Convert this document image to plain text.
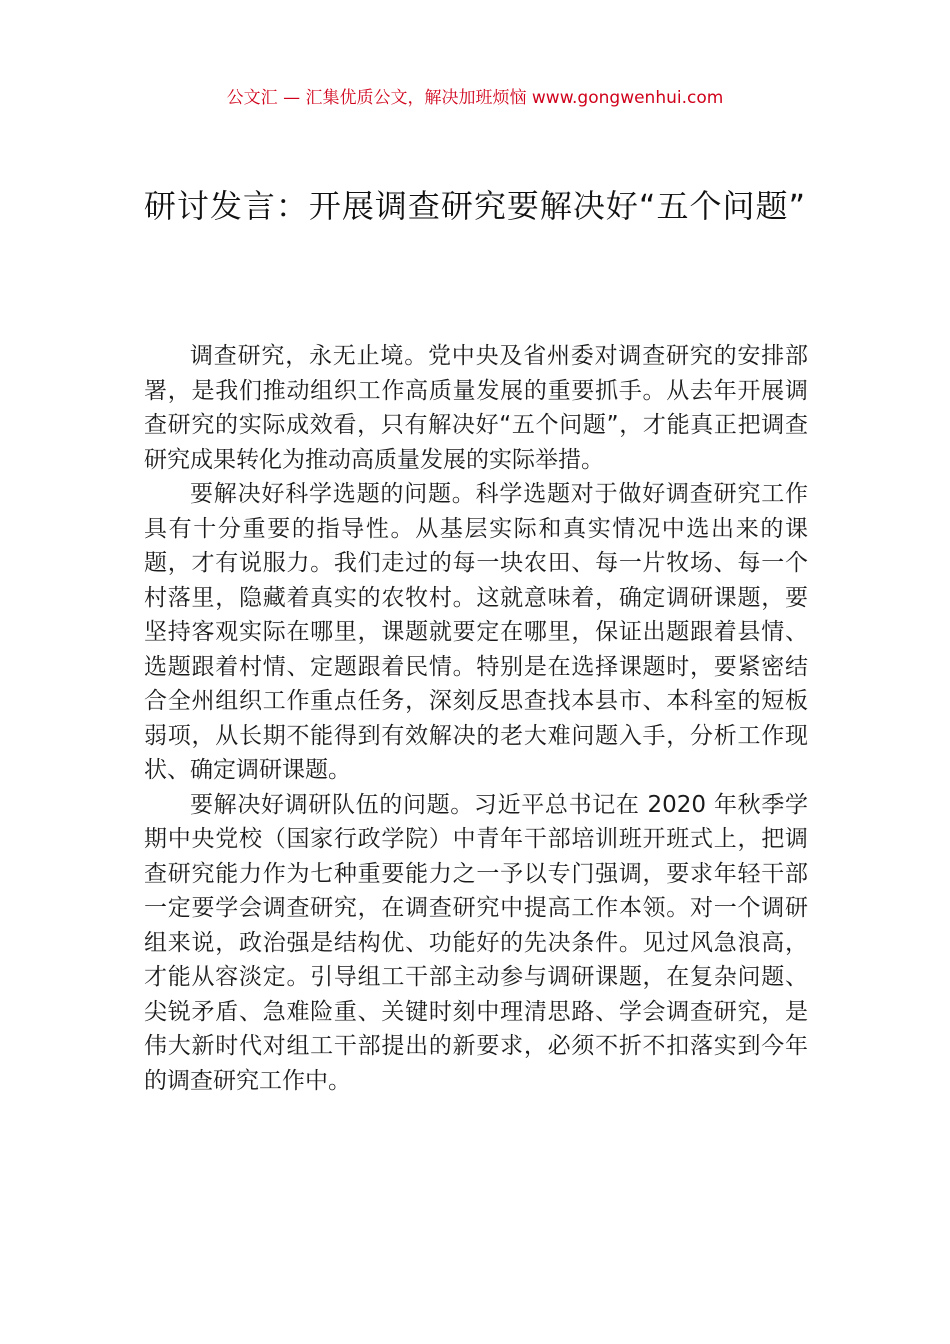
公文汇 — 汇集优质公文，解决加班烦恼 www.gongwenhui.com
研讨发言：开展调查研究要解决好“五个问题”

调查研究，永无止境。党中央及省州委对调查研究的安排部署，是我们推动组织工作高质量发展的重要抓手。从去年开展调查研究的实际成效看，只有解决好“五个问题”，才能真正把调查研究成果转化为推动高质量发展的实际举措。

要解决好科学选题的问题。科学选题对于做好调查研究工作具有十分重要的指导性。从基层实际和真实情况中选出来的课题，才有说服力。我们走过的每一块农田、每一片牧场、每一个村落里，隐藏着真实的农牧村。这就意味着，确定调研课题，要坚持客观实际在哪里，课题就要定在哪里，保证出题跟着县情、选题跟着村情、定题跟着民情。特别是在选择课题时，要紧密结合全州组织工作重点任务，深刻反思查找本县市、本科室的短板弱项，从长期不能得到有效解决的老大难问题入手，分析工作现状、确定调研课题。

要解决好调研队伍的问题。习近平总书记在 2020 年秋季学期中央党校（国家行政学院）中青年干部培训班开班式上，把调查研究能力作为七种重要能力之一予以专门强调，要求年轻干部一定要学会调查研究，在调查研究中提高工作本领。对一个调研组来说，政治强是结构优、功能好的先决条件。见过风急浪高，才能从容淡定。引导组工干部主动参与调研课题，在复杂问题、尖锐矛盾、急难险重、关键时刻中理清思路、学会调查研究，是伟大新时代对组工干部提出的新要求，必须不折不扣落实到今年的调查研究工作中。
